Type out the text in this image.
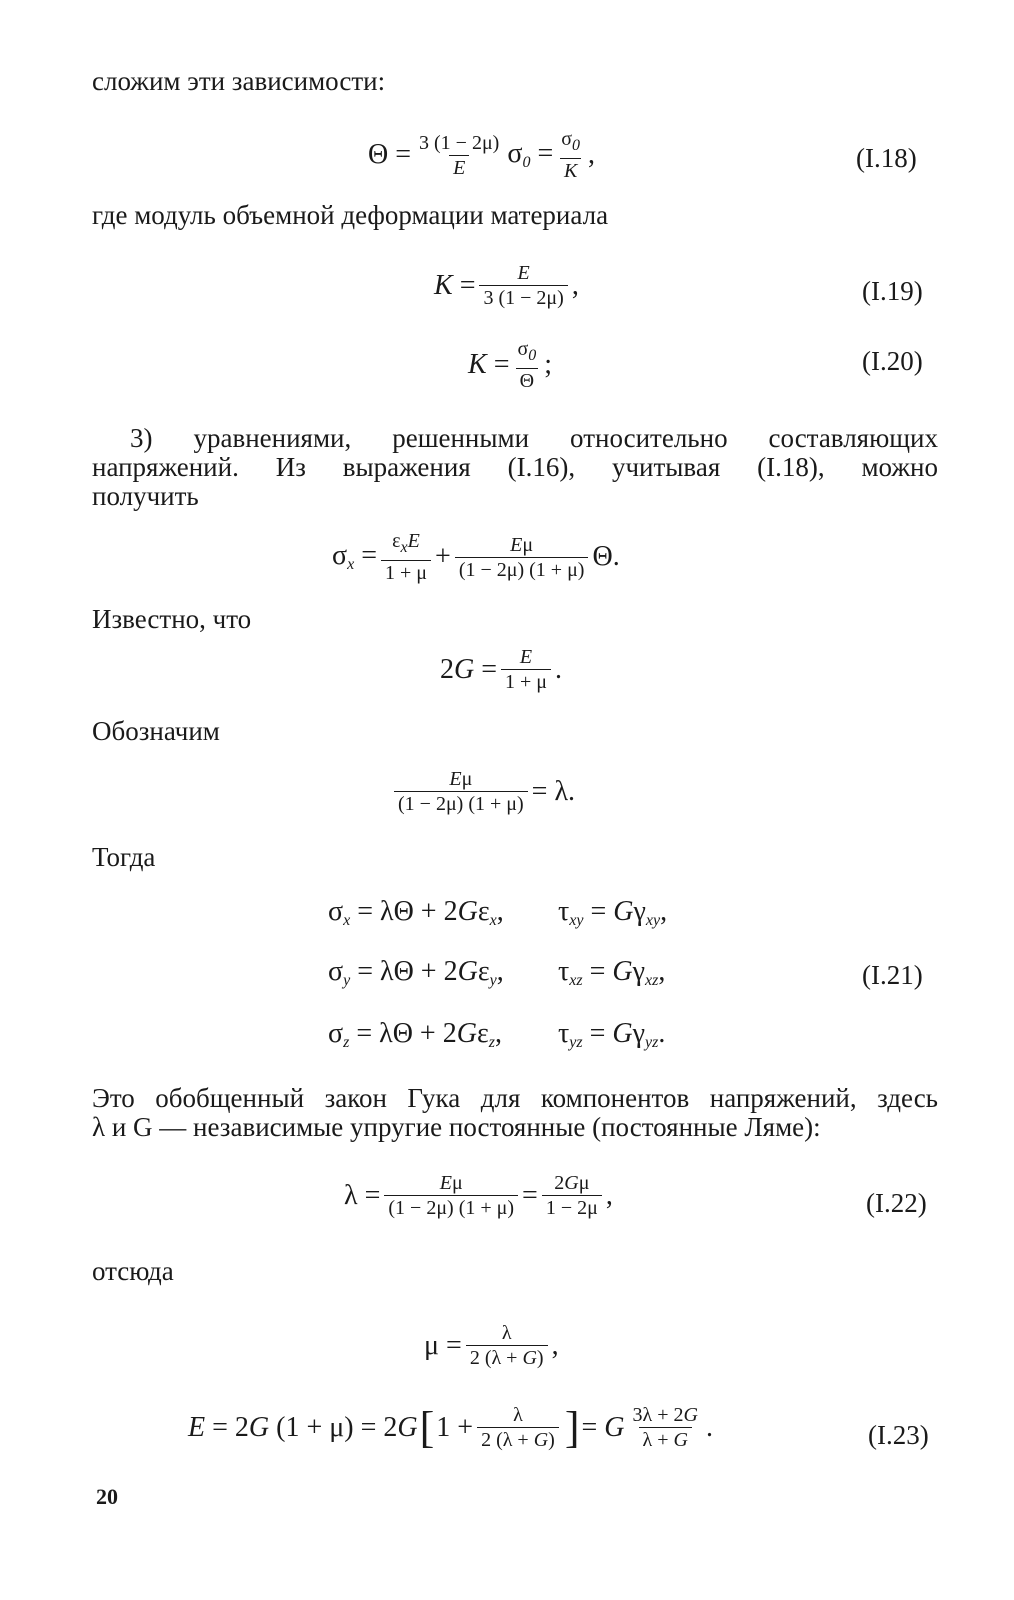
сложим эти зависимости:
$\Theta = \frac{3 (1 - 2\mu)}{E} \sigma_0 = \frac{\sigma_0}{K}$ ,	(I.18)
где модуль объемной деформации материала
$K = \frac{E}{3 (1 - 2\mu)}$ ,	(I.19)
$K = \frac{\sigma_0}{\Theta}$ ;	(I.20)
3) уравнениями, решенными относительно составляющих
напряжений. Из выражения (I.16), учитывая (I.18), можно
получить
$\sigma_x = \frac{\varepsilon_xE}{1 + \mu} + \frac{E\mu}{(1 - 2\mu) (1 + \mu)} \Theta$.
Известно, что
$2G = \frac{E}{1 + \mu}$ .
Обозначим
$\frac{E\mu}{(1 - 2\mu) (1 + \mu)} = \lambda$.
Тогда
$\sigma_x = \lambda\Theta + 2G\varepsilon_x$,	$\tau_{xy} = G\gamma_{xy}$,
$\sigma_y = \lambda\Theta + 2G\varepsilon_y$,	$\tau_{xz} = G\gamma_{xz}$,
$\sigma_z = \lambda\Theta + 2G\varepsilon_z$,	$\tau_{yz} = G\gamma_{yz}$.
(I.21)
Это обобщенный закон Гука для компонентов напряжений, здесь
λ и G — независимые упругие постоянные (постоянные Ляме):
$\lambda = \frac{E\mu}{(1 - 2\mu) (1 + \mu)} = \frac{2G\mu}{1 - 2\mu}$ ,	(I.22)
отсюда
$\mu = \frac{\lambda}{2 (\lambda + G)}$ ,
E = 2G (1 + μ) = 2G [ $1 + \frac{\lambda}{2 (\lambda + G)}$ ] = G $\frac{3\lambda + 2G}{\lambda + G}$ .	(I.23)
20
